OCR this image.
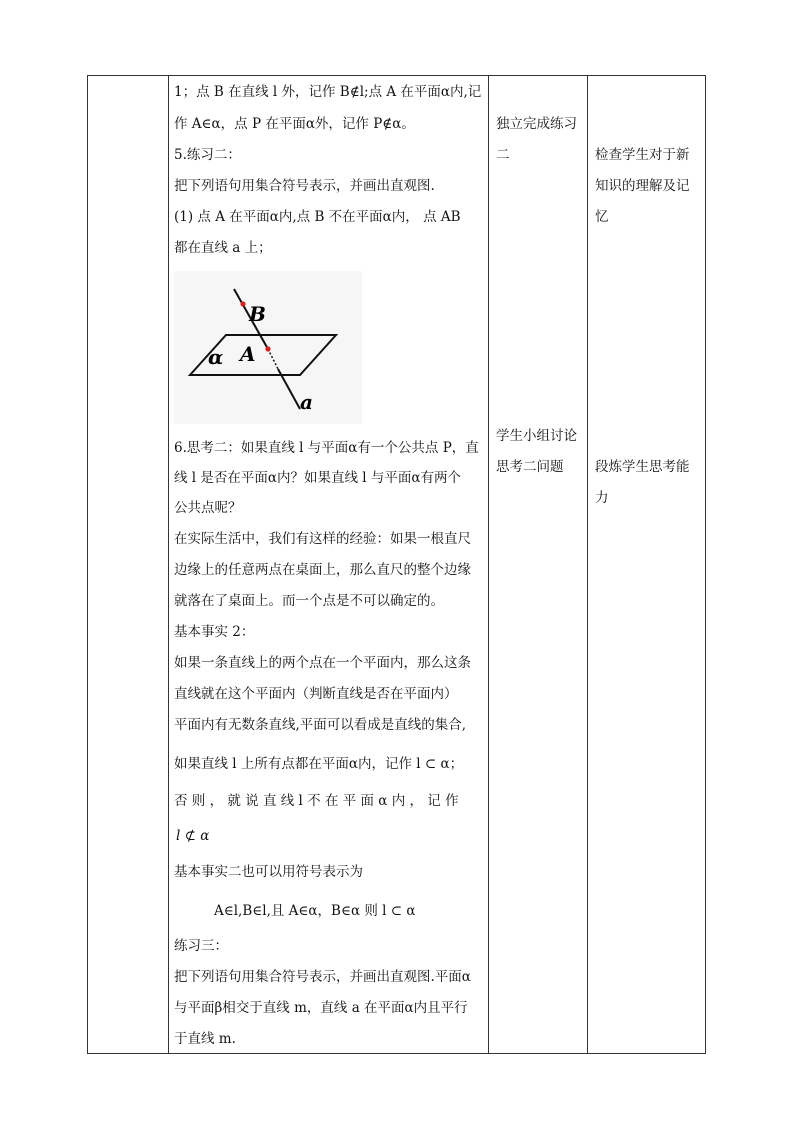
1；点 B 在直线 l 外，记作 B∉l;点 A 在平面α内,记
作 A∈α，点 P 在平面α外，记作 P∉α。
5.练习二：
把下列语句用集合符号表示，并画出直观图.
(1) 点 A 在平面α内,点 B 不在平面α内， 点 AB
都在直线 a 上；
B
A
α
a
6.思考二：如果直线 l 与平面α有一个公共点 P，直
线 l 是否在平面α内？如果直线 l 与平面α有两个
公共点呢？
在实际生活中，我们有这样的经验：如果一根直尺
边缘上的任意两点在桌面上，那么直尺的整个边缘
就落在了桌面上。而一个点是不可以确定的。
基本事实 2：
如果一条直线上的两个点在一个平面内，那么这条
直线就在这个平面内（判断直线是否在平面内）
平面内有无数条直线,平面可以看成是直线的集合,
如果直线 l 上所有点都在平面α内，记作 l ⊂ α；
否 则 ， 就 说 直 线 l 不 在 平 面 α 内 ， 记 作
l ⊄ α
基本事实二也可以用符号表示为
A∈l,B∈l,且 A∈α，B∈α 则 l ⊂ α
练习三：
把下列语句用集合符号表示，并画出直观图.平面α
与平面β相交于直线 m，直线 a 在平面α内且平行
于直线 m.
独立完成练习
二
学生小组讨论
思考二问题
检查学生对于新
知识的理解及记
忆
段炼学生思考能
力
